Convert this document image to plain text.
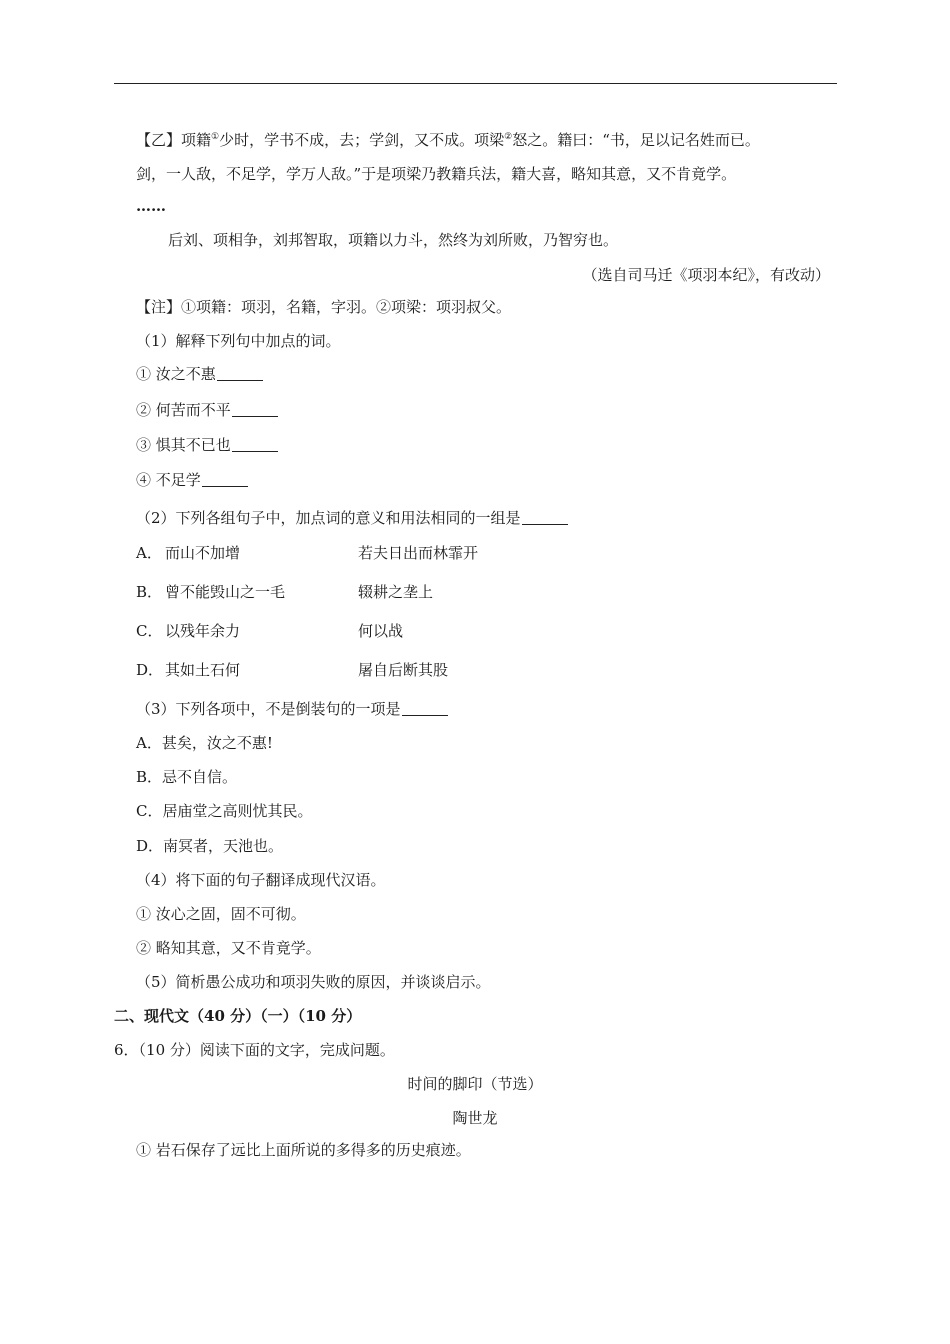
【乙】项籍①少时，学书不成，去；学剑，又不成。项梁②怒之。籍曰：“书，足以记名姓而已。
剑，一人敌，不足学，学万人敌。”于是项梁乃教籍兵法，籍大喜，略知其意，又不肯竟学。
……
后刘、项相争，刘邦智取，项籍以力斗，然终为刘所败，乃智穷也。
（选自司马迁《项羽本纪》，有改动）
【注】①项籍：项羽，名籍，字羽。②项梁：项羽叔父。
（1）解释下列句中加点的词。
① 汝之不惠
② 何苦而不平
③ 惧其不已也
④ 不足学
（2）下列各组句子中，加点词的意义和用法相同的一组是
A． 而山不加增	若夫日出而林霏开
B． 曾不能毁山之一毛	辍耕之垄上
C． 以残年余力	何以战
D． 其如土石何	屠自后断其股
（3）下列各项中，不是倒装句的一项是
A．甚矣，汝之不惠!
B．忌不自信。
C．居庙堂之高则忧其民。
D．南冥者，天池也。
（4）将下面的句子翻译成现代汉语。
① 汝心之固，固不可彻。
② 略知其意，又不肯竟学。
（5）简析愚公成功和项羽失败的原因，并谈谈启示。
二、现代文（40 分）（一）（10 分）
6．（10 分）阅读下面的文字，完成问题。
时间的脚印（节选）
陶世龙
① 岩石保存了远比上面所说的多得多的历史痕迹。
